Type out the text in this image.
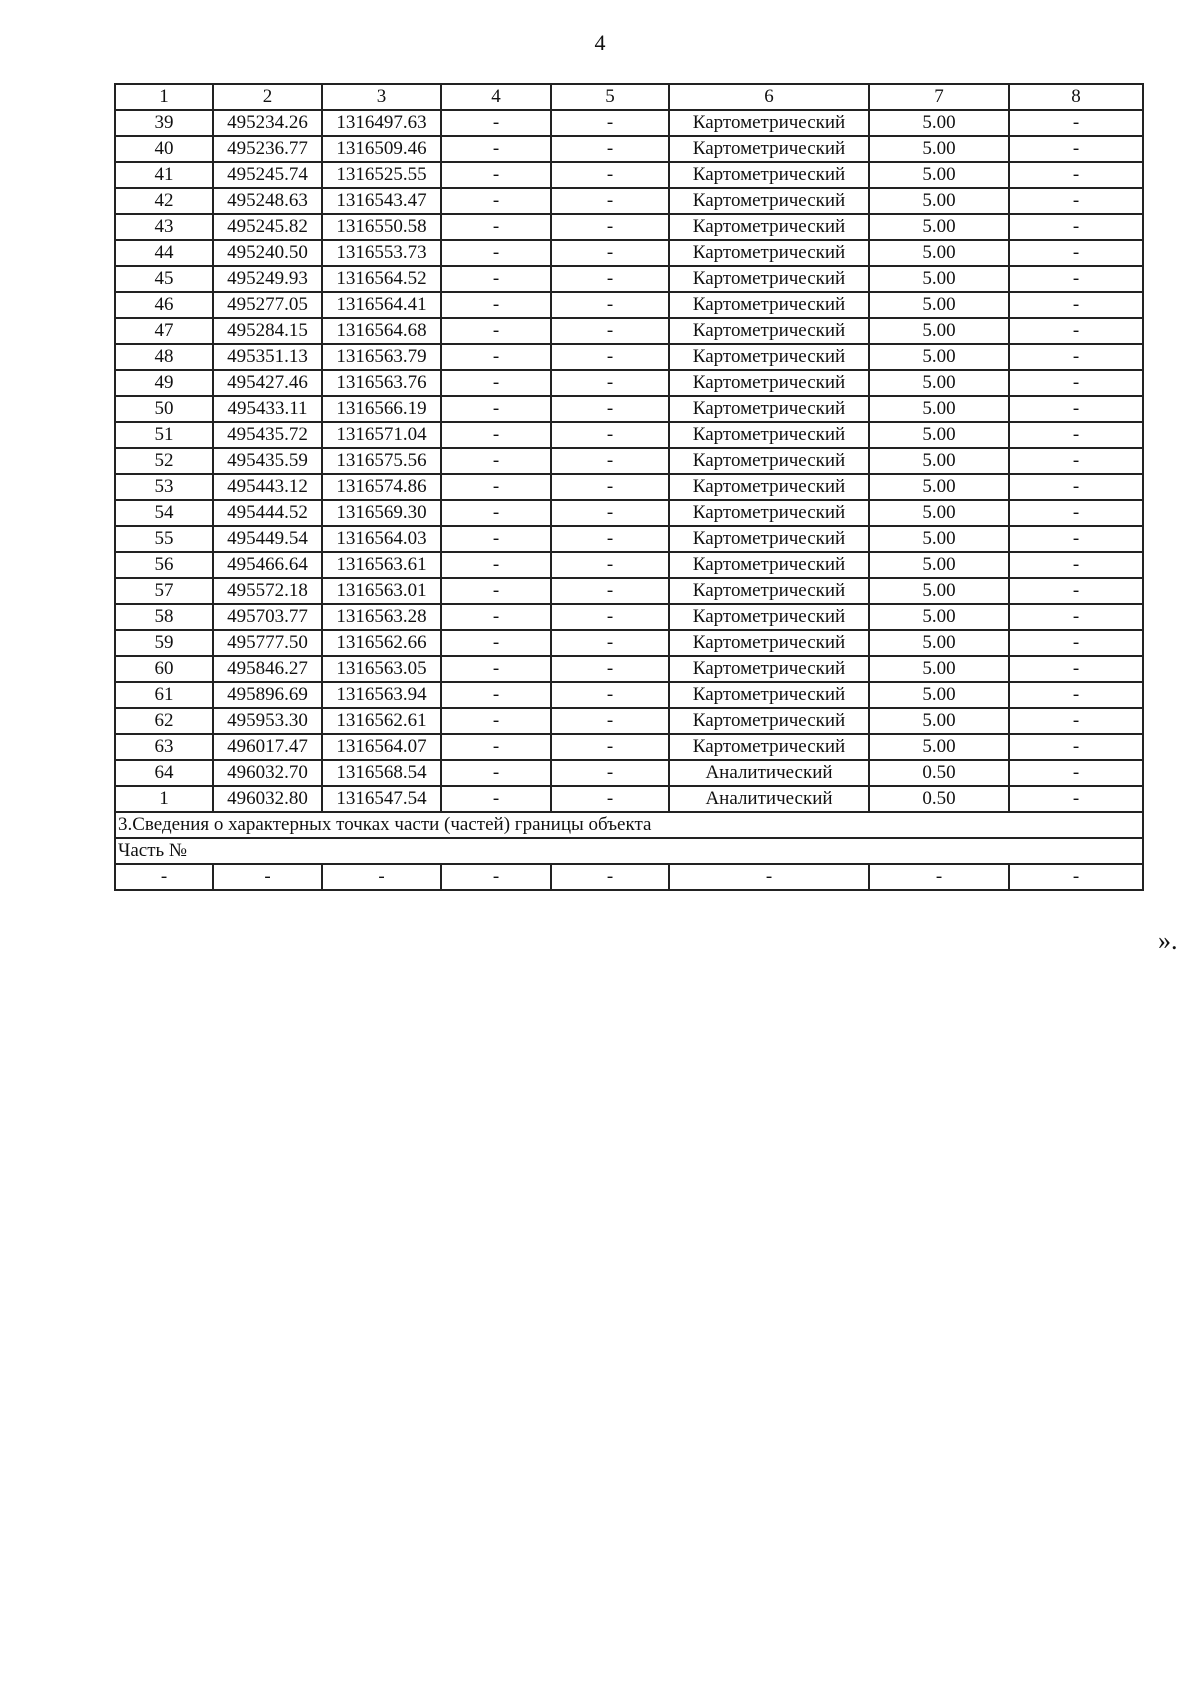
4
1	2	3	4	5	6	7	8
39	495234.26	1316497.63	-	-	Картометрический	5.00	-
40	495236.77	1316509.46	-	-	Картометрический	5.00	-
41	495245.74	1316525.55	-	-	Картометрический	5.00	-
42	495248.63	1316543.47	-	-	Картометрический	5.00	-
43	495245.82	1316550.58	-	-	Картометрический	5.00	-
44	495240.50	1316553.73	-	-	Картометрический	5.00	-
45	495249.93	1316564.52	-	-	Картометрический	5.00	-
46	495277.05	1316564.41	-	-	Картометрический	5.00	-
47	495284.15	1316564.68	-	-	Картометрический	5.00	-
48	495351.13	1316563.79	-	-	Картометрический	5.00	-
49	495427.46	1316563.76	-	-	Картометрический	5.00	-
50	495433.11	1316566.19	-	-	Картометрический	5.00	-
51	495435.72	1316571.04	-	-	Картометрический	5.00	-
52	495435.59	1316575.56	-	-	Картометрический	5.00	-
53	495443.12	1316574.86	-	-	Картометрический	5.00	-
54	495444.52	1316569.30	-	-	Картометрический	5.00	-
55	495449.54	1316564.03	-	-	Картометрический	5.00	-
56	495466.64	1316563.61	-	-	Картометрический	5.00	-
57	495572.18	1316563.01	-	-	Картометрический	5.00	-
58	495703.77	1316563.28	-	-	Картометрический	5.00	-
59	495777.50	1316562.66	-	-	Картометрический	5.00	-
60	495846.27	1316563.05	-	-	Картометрический	5.00	-
61	495896.69	1316563.94	-	-	Картометрический	5.00	-
62	495953.30	1316562.61	-	-	Картометрический	5.00	-
63	496017.47	1316564.07	-	-	Картометрический	5.00	-
64	496032.70	1316568.54	-	-	Аналитический	0.50	-
1	496032.80	1316547.54	-	-	Аналитический	0.50	-
3.Сведения о характерных точках части (частей) границы объекта							
Часть №							
-	-	-	-	-	-	-	-
».
